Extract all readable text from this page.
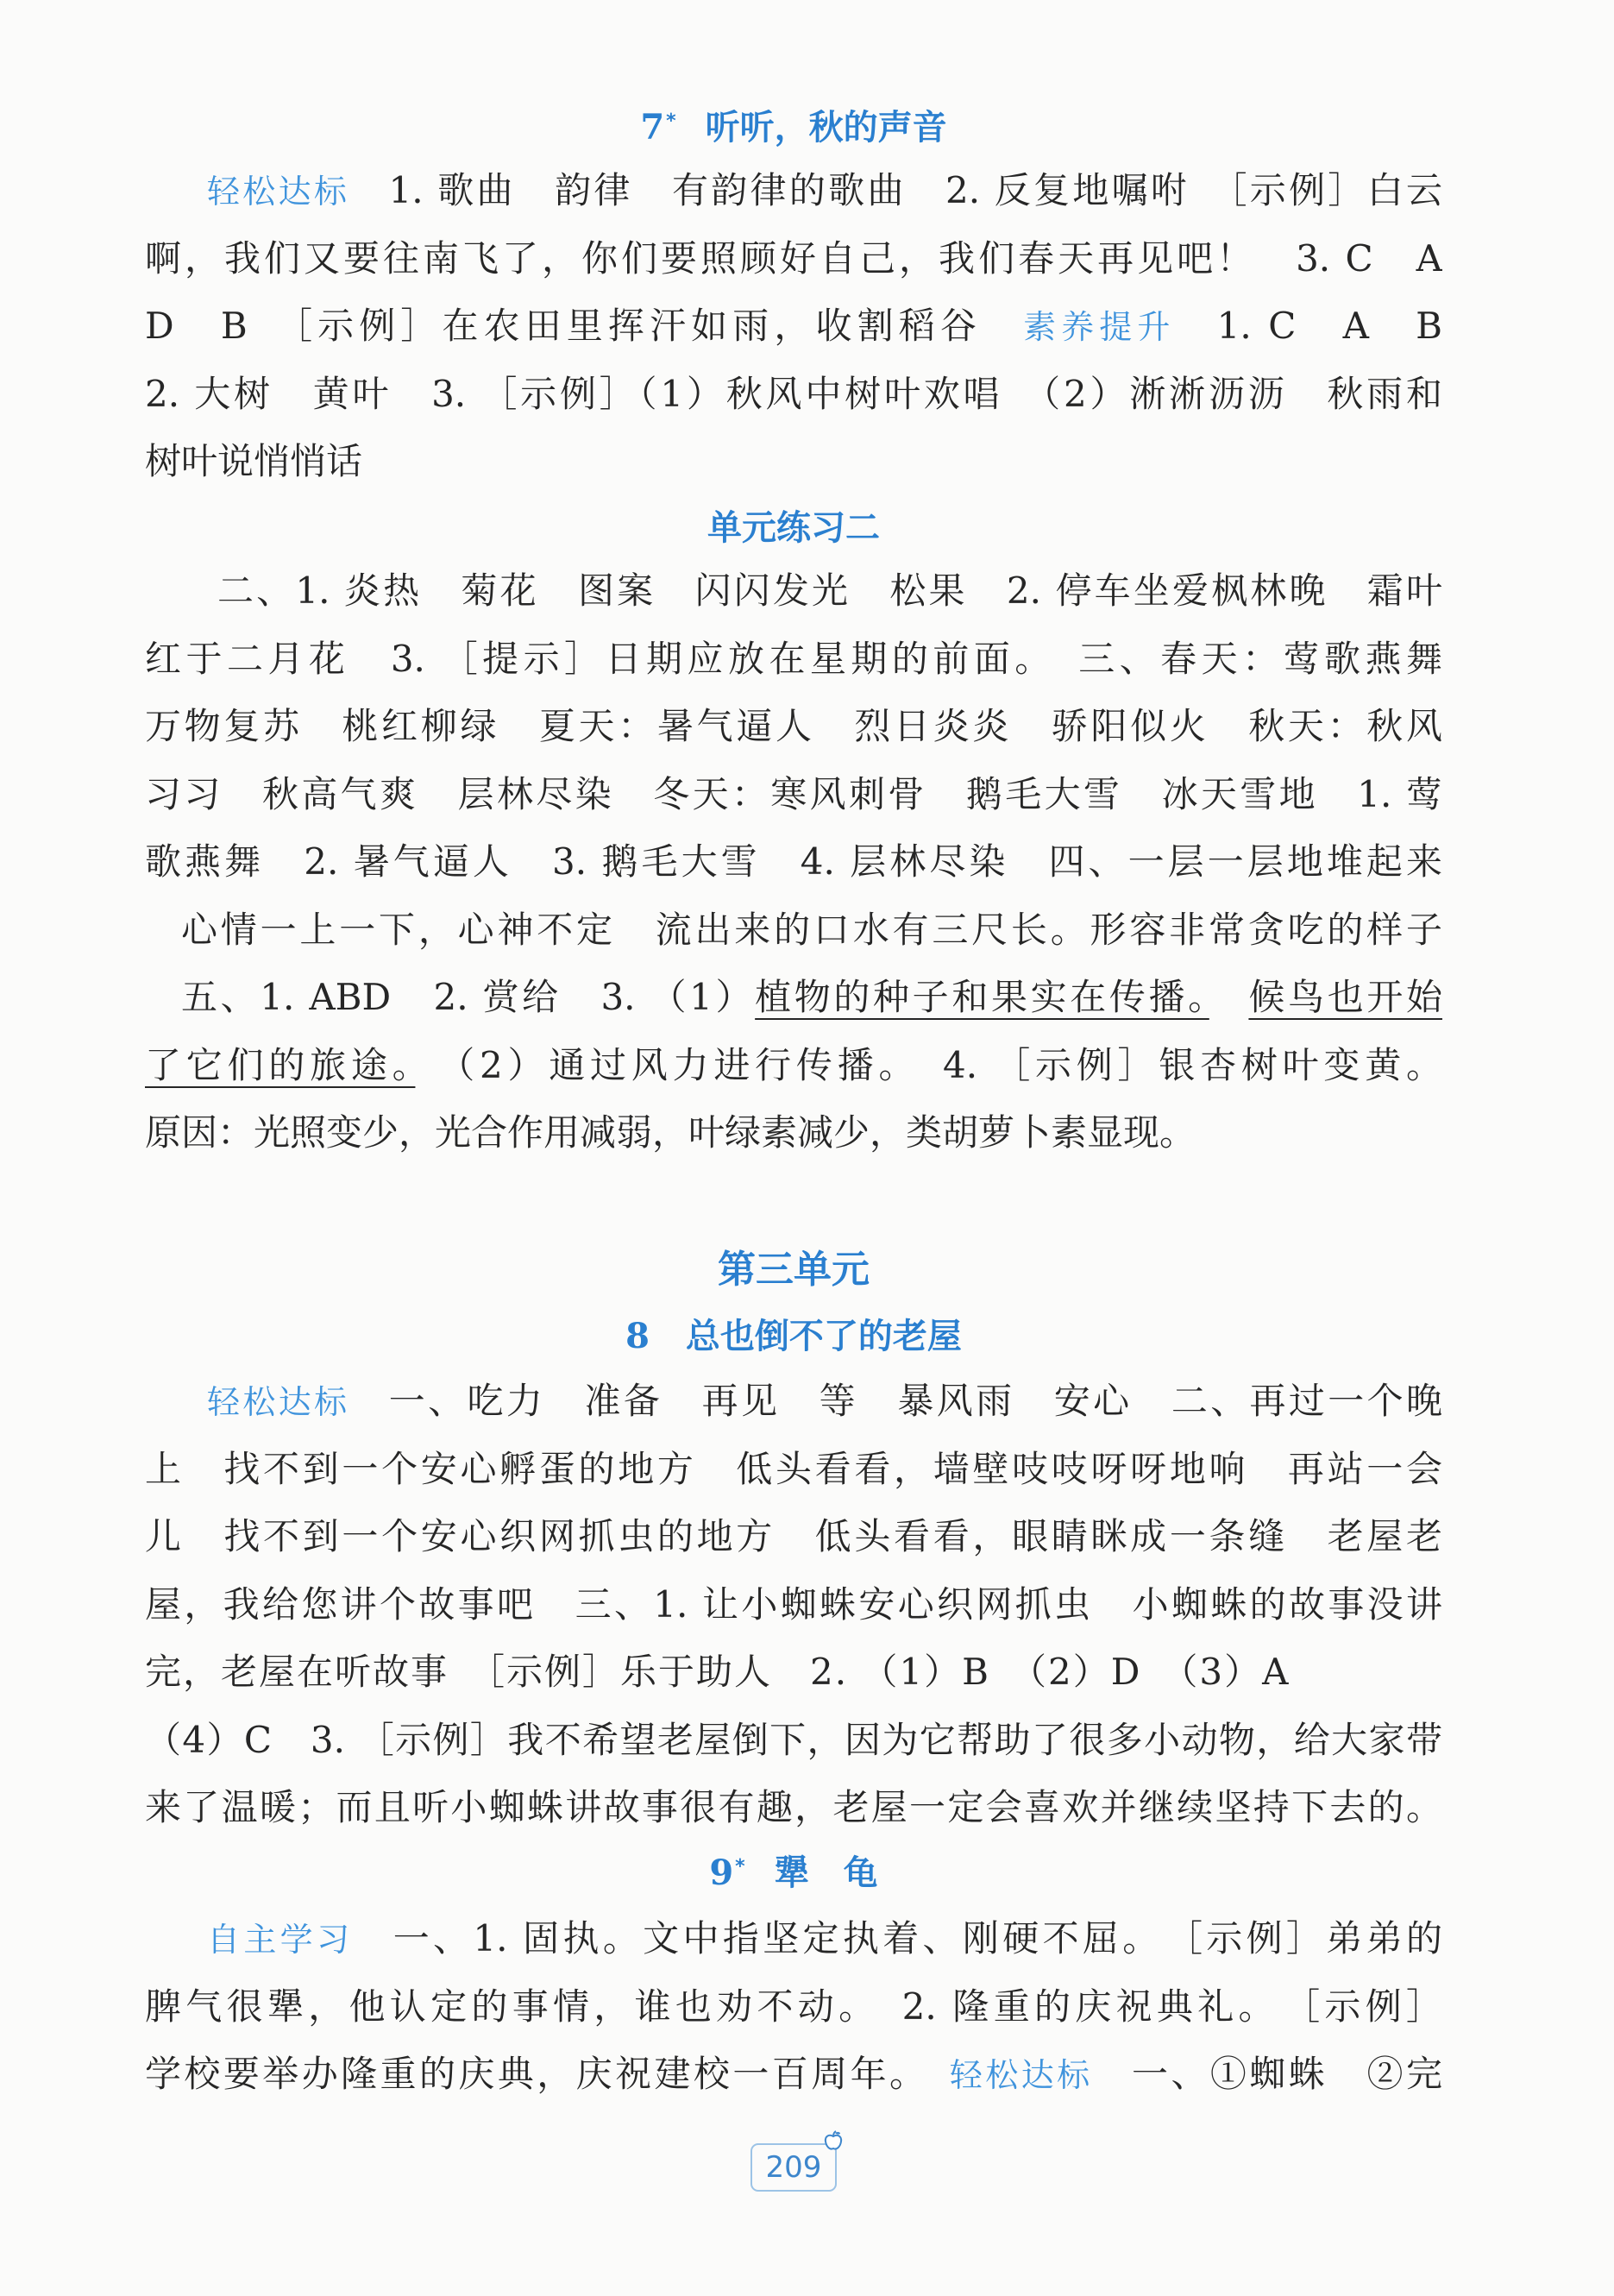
7* 听听，秋的声音
轻松达标　1. 歌曲　韵律　有韵律的歌曲　2. 反复地嘱咐　［示例］白云
啊，我们又要往南飞了，你们要照顾好自己，我们春天再见吧！　3. C　A
D　B　［示例］在农田里挥汗如雨，收割稻谷　素养提升　1. C　A　B
2. 大树　黄叶　3. ［示例］（1）秋风中树叶欢唱　（2）淅淅沥沥　秋雨和
树叶说悄悄话
单元练习二
二、1. 炎热　菊花　图案　闪闪发光　松果　2. 停车坐爱枫林晚　霜叶
红于二月花　3. ［提示］日期应放在星期的前面。　三、春天：莺歌燕舞
万物复苏　桃红柳绿　夏天：暑气逼人　烈日炎炎　骄阳似火　秋天：秋风
习习　秋高气爽　层林尽染　冬天：寒风刺骨　鹅毛大雪　冰天雪地　1. 莺
歌燕舞　2. 暑气逼人　3. 鹅毛大雪　4. 层林尽染　四、一层一层地堆起来
心情一上一下，心神不定　流出来的口水有三尺长。形容非常贪吃的样子
五、1. ABD　2. 赏给　3. （1）植物的种子和果实在传播。　 候鸟也开始
了它们的旅途。　（2）通过风力进行传播。　4. ［示例］银杏树叶变黄。
原因：光照变少，光合作用减弱，叶绿素减少，类胡萝卜素显现。
第三单元
8 总也倒不了的老屋
轻松达标　一、吃力　准备　再见　等　暴风雨　安心　二、再过一个晚
上　找不到一个安心孵蛋的地方　低头看看，墙壁吱吱呀呀地响　再站一会
儿　找不到一个安心织网抓虫的地方　低头看看，眼睛眯成一条缝　老屋老
屋，我给您讲个故事吧　三、1. 让小蜘蛛安心织网抓虫　小蜘蛛的故事没讲
完，老屋在听故事　［示例］乐于助人　2. （1）B　（2）D　（3）A
（4）C　3. ［示例］我不希望老屋倒下，因为它帮助了很多小动物，给大家带
来了温暖；而且听小蜘蛛讲故事很有趣，老屋一定会喜欢并继续坚持下去的。
9* 犟　龟
自主学习　一、1. 固执。文中指坚定执着、刚硬不屈。　［示例］弟弟的
脾气很犟，他认定的事情，谁也劝不动。　2. 隆重的庆祝典礼。　［示例］
学校要举办隆重的庆典，庆祝建校一百周年。　轻松达标　一、①蜘蛛　②完
209
